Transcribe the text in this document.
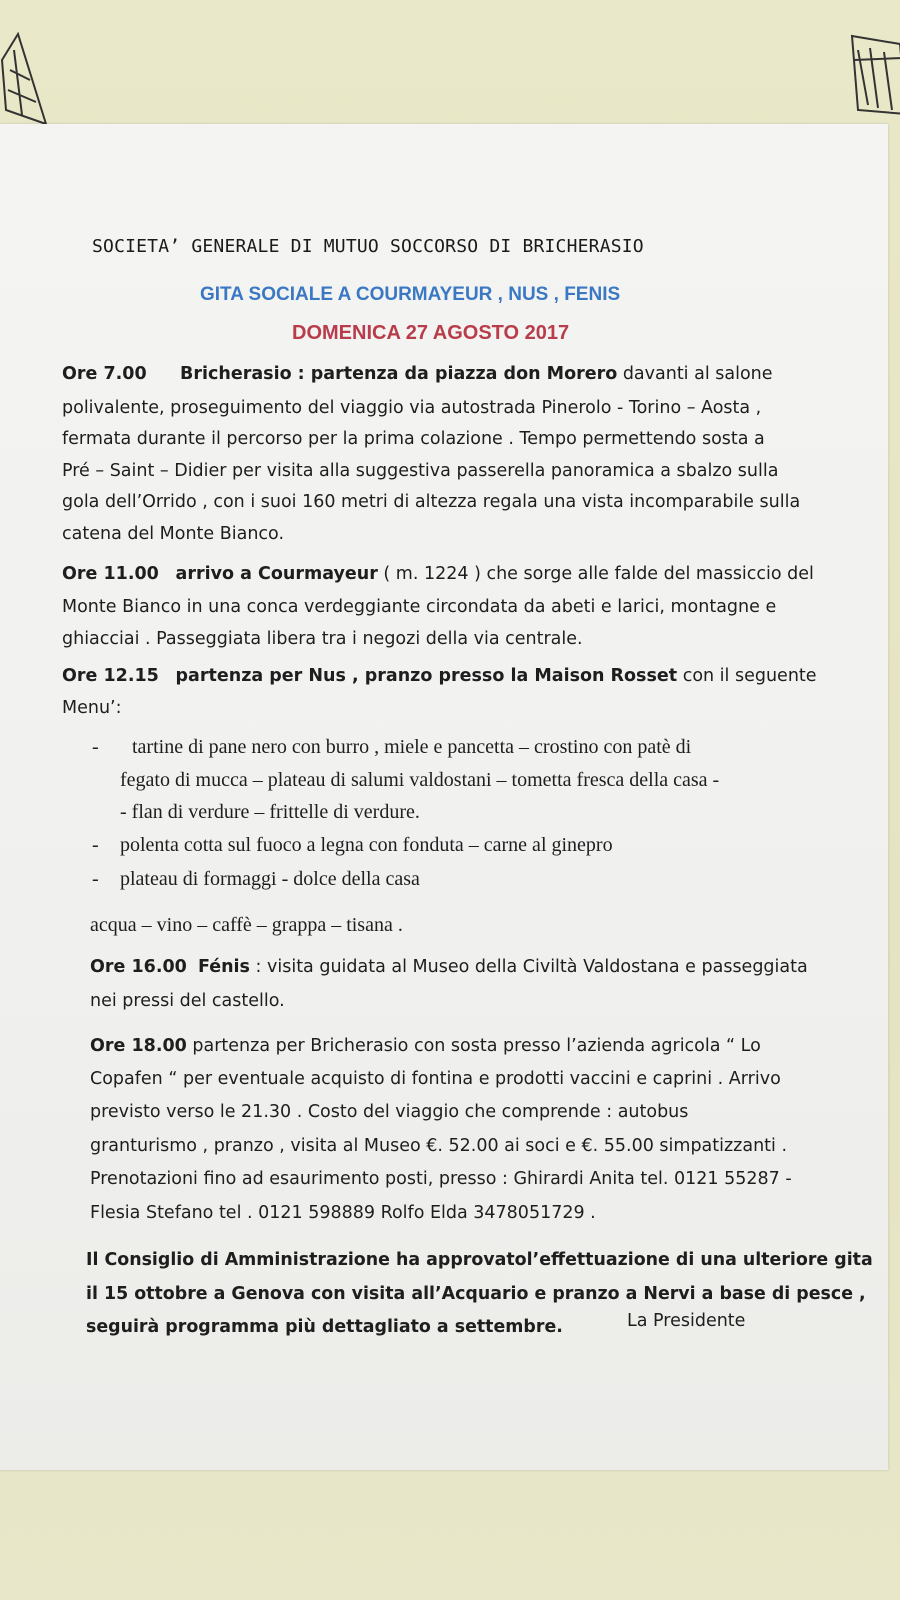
SOCIETA’ GENERALE DI MUTUO SOCCORSO DI BRICHERASIO
GITA SOCIALE A COURMAYEUR , NUS , FENIS
DOMENICA 27 AGOSTO 2017
Ore 7.00 Bricherasio : partenza da piazza don Morero davanti al salone
polivalente, proseguimento del viaggio via autostrada Pinerolo - Torino – Aosta ,
fermata durante il percorso per la prima colazione . Tempo permettendo sosta a
Pré – Saint – Didier per visita alla suggestiva passerella panoramica a sbalzo sulla
gola dell’Orrido , con i suoi 160 metri di altezza regala una vista incomparabile sulla
catena del Monte Bianco.
Ore 11.00 arrivo a Courmayeur ( m. 1224 ) che sorge alle falde del massiccio del
Monte Bianco in una conca verdeggiante circondata da abeti e larici, montagne e
ghiacciai . Passeggiata libera tra i negozi della via centrale.
Ore 12.15 partenza per Nus , pranzo presso la Maison Rosset con il seguente
Menu’:
- tartine di pane nero con burro , miele e pancetta – crostino con patè di
fegato di mucca – plateau di salumi valdostani – tometta fresca della casa -
- flan di verdure – frittelle di verdure.
- polenta cotta sul fuoco a legna con fonduta – carne al ginepro
- plateau di formaggi - dolce della casa
acqua – vino – caffè – grappa – tisana .
Ore 16.00 Fénis : visita guidata al Museo della Civiltà Valdostana e passeggiata
nei pressi del castello.
Ore 18.00 partenza per Bricherasio con sosta presso l’azienda agricola “ Lo
Copafen “ per eventuale acquisto di fontina e prodotti vaccini e caprini . Arrivo
previsto verso le 21.30 . Costo del viaggio che comprende : autobus
granturismo , pranzo , visita al Museo €. 52.00 ai soci e €. 55.00 simpatizzanti .
Prenotazioni fino ad esaurimento posti, presso : Ghirardi Anita tel. 0121 55287 -
Flesia Stefano tel . 0121 598889 Rolfo Elda 3478051729 .
Il Consiglio di Amministrazione ha approvatol’effettuazione di una ulteriore gita
il 15 ottobre a Genova con visita all’Acquario e pranzo a Nervi a base di pesce ,
seguirà programma più dettagliato a settembre.	La Presidente
